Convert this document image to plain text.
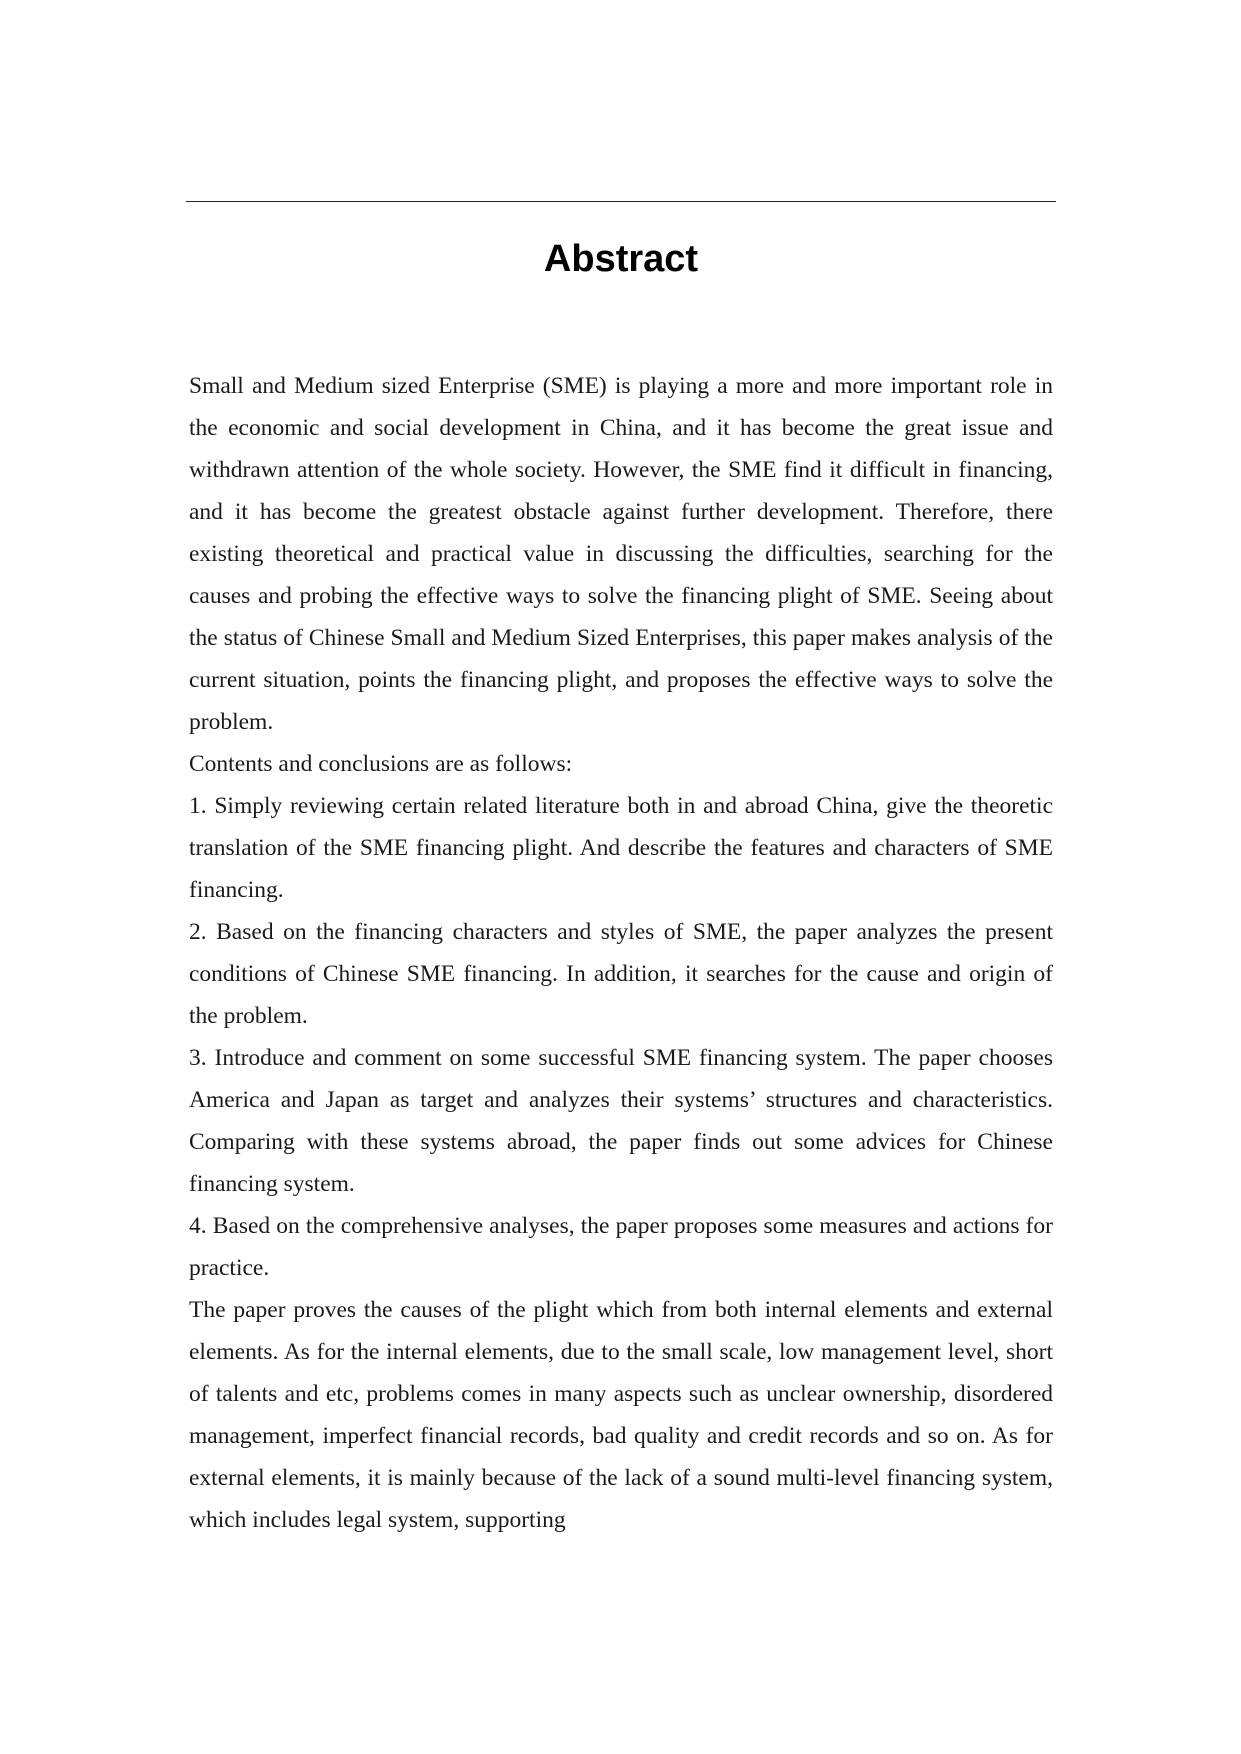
Abstract

Small and Medium sized Enterprise (SME) is playing a more and more important role in the economic and social development in China, and it has become the great issue and withdrawn attention of the whole society. However, the SME find it difficult in financing, and it has become the greatest obstacle against further development. Therefore, there existing theoretical and practical value in discussing the difficulties, searching for the causes and probing the effective ways to solve the financing plight of SME. Seeing about the status of Chinese Small and Medium Sized Enterprises, this paper makes analysis of the current situation, points the financing plight, and proposes the effective ways to solve the problem.

Contents and conclusions are as follows:

1. Simply reviewing certain related literature both in and abroad China, give the theoretic translation of the SME financing plight. And describe the features and characters of SME financing.

2. Based on the financing characters and styles of SME, the paper analyzes the present conditions of Chinese SME financing. In addition, it searches for the cause and origin of the problem.

3. Introduce and comment on some successful SME financing system. The paper chooses America and Japan as target and analyzes their systems’ structures and characteristics. Comparing with these systems abroad, the paper finds out some advices for Chinese financing system.

4. Based on the comprehensive analyses, the paper proposes some measures and actions for practice.

The paper proves the causes of the plight which from both internal elements and external elements. As for the internal elements, due to the small scale, low management level, short of talents and etc, problems comes in many aspects such as unclear ownership, disordered management, imperfect financial records, bad quality and credit records and so on. As for external elements, it is mainly because of the lack of a sound multi-level financing system, which includes legal system, supporting
